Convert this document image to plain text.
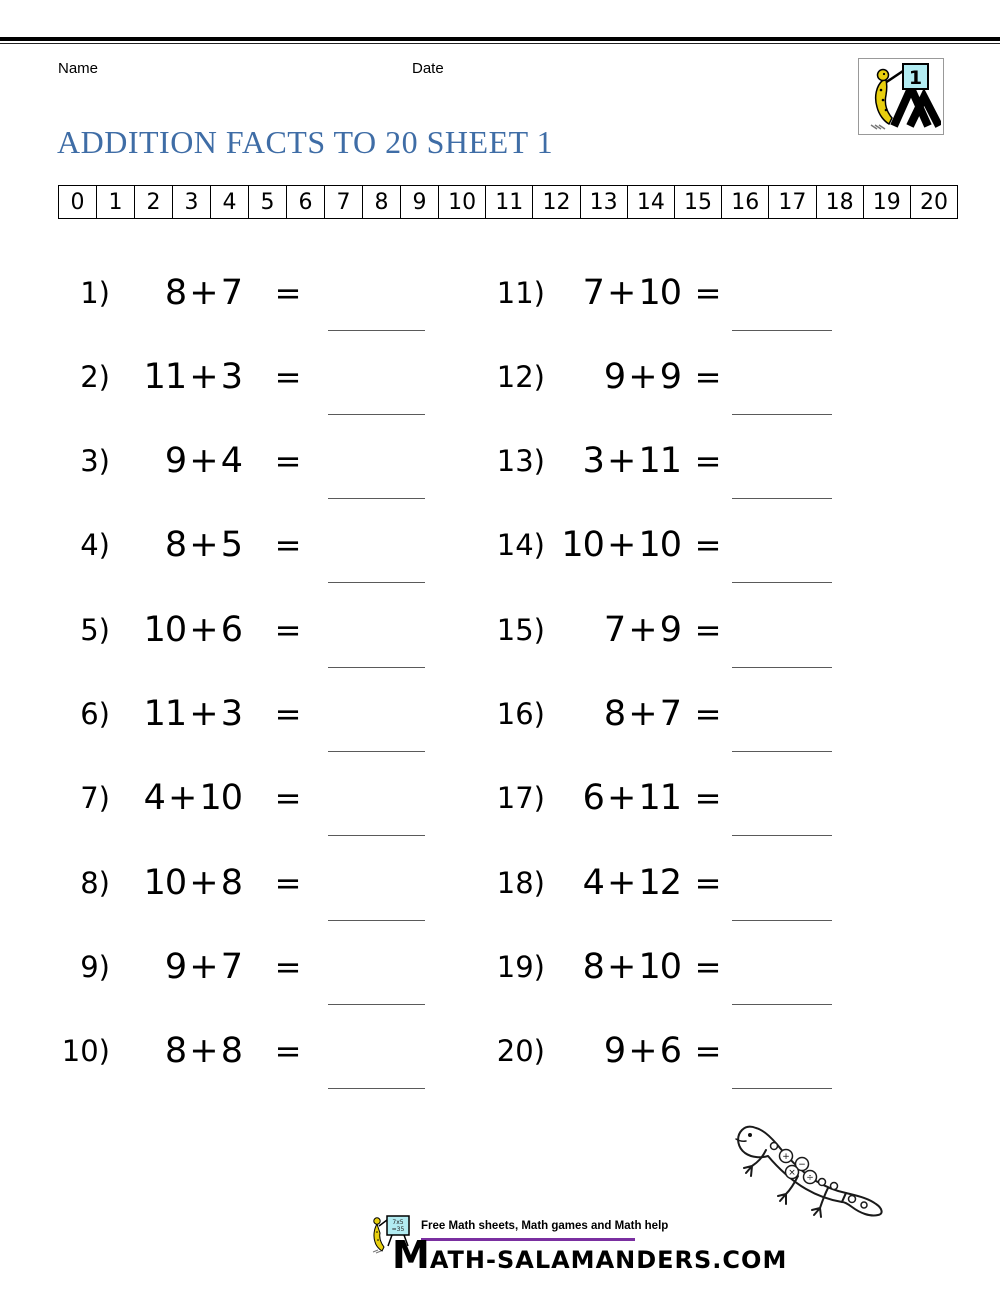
Name	Date	1
ADDITION FACTS TO 20 SHEET 1
0	1	2	3	4	5	6	7	8	9 10 11 12 13 14 15 16 17 18 19 20
1)	8 + 7 =
2) 11 + 3 =
3)	9 + 4 =
4)	8 + 5 =
5) 10 + 6 =
6) 11 + 3 =
7) 4 + 10 =
8) 10 + 8 =
9)	9 + 7 =
10)	8 + 8 =
11)	7 + 10 =
12)	9 + 9 =
13)	3 + 11 =
14) 10 + 10 =
15)	7 + 9 =
16)	8 + 7 =
17)	6 + 11 =
18)	4 + 12 =
19)	8 + 10 =
20)	9 + 6 =
+
−
× ÷
7x5
=35 Free Math sheets, Math games and Math help
MATH-SALAMANDERS.COM
